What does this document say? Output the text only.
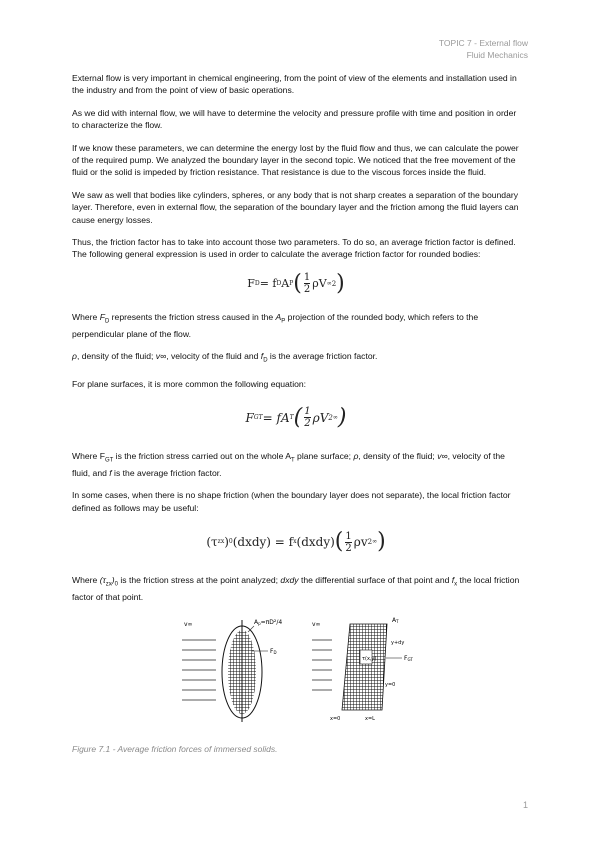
TOPIC 7 - External flow
Fluid Mechanics

External flow is very important in chemical engineering, from the point of view of the elements and installation used in the industry and from the point of view of basic operations.

As we did with internal flow, we will have to determine the velocity and pressure profile with time and position in order to characterize the flow.

If we know these parameters, we can determine the energy lost by the fluid flow and thus, we can calculate the power of the required pump. We analyzed the boundary layer in the second topic. We noticed that the free movement of the fluid or the solid is impeded by friction resistance. That resistance is due to the viscous forces inside the fluid.

We saw as well that bodies like cylinders, spheres, or any body that is not sharp creates a separation of the boundary layer. Therefore, even in external flow, the separation of the boundary layer and the friction among the fluid layers can cause energy losses.

Thus, the friction factor has to take into account those two parameters. To do so, an average friction factor is defined. The following general expression is used in order to calculate the average friction factor for rounded bodies:

F D = f D A P ( $\frac{1}{2}$ ρV ∞ 2 )

Where $F_D$ represents the friction stress caused in the $A_P$ projection of the rounded body, which refers to the perpendicular plane of the flow.

ρ, density of the fluid; v∞, velocity of the fluid and $f_D$ is the average friction factor.

For plane surfaces, it is more common the following equation:

F GT = fA T ( $\frac{1}{2}$ ρV 2 ∞ )

Where $F_{GT}$ is the friction stress carried out on the whole $A_T$ plane surface; ρ, density of the fluid; v∞, velocity of the fluid, and f is the average friction factor.

In some cases, when there is no shape friction (when the boundary layer does not separate), the local friction factor defined as follows may be useful:

(τ zx ) 0 (dxdy) = f x (dxdy) ( $\frac{1}{2}$ ρv 2 ∞ )

Where $(\tau_{zx})_0$ is the friction stress at the point analyzed; dxdy the differential surface of that point and $f_x$ the local friction factor of that point.

v∞	Ap=πD²/4
FD
v∞
τ(x,y)
AT
y+dy
FGT
y=0
x=0	x=L
Figure 7.1 - Average friction forces of immersed solids.
1
